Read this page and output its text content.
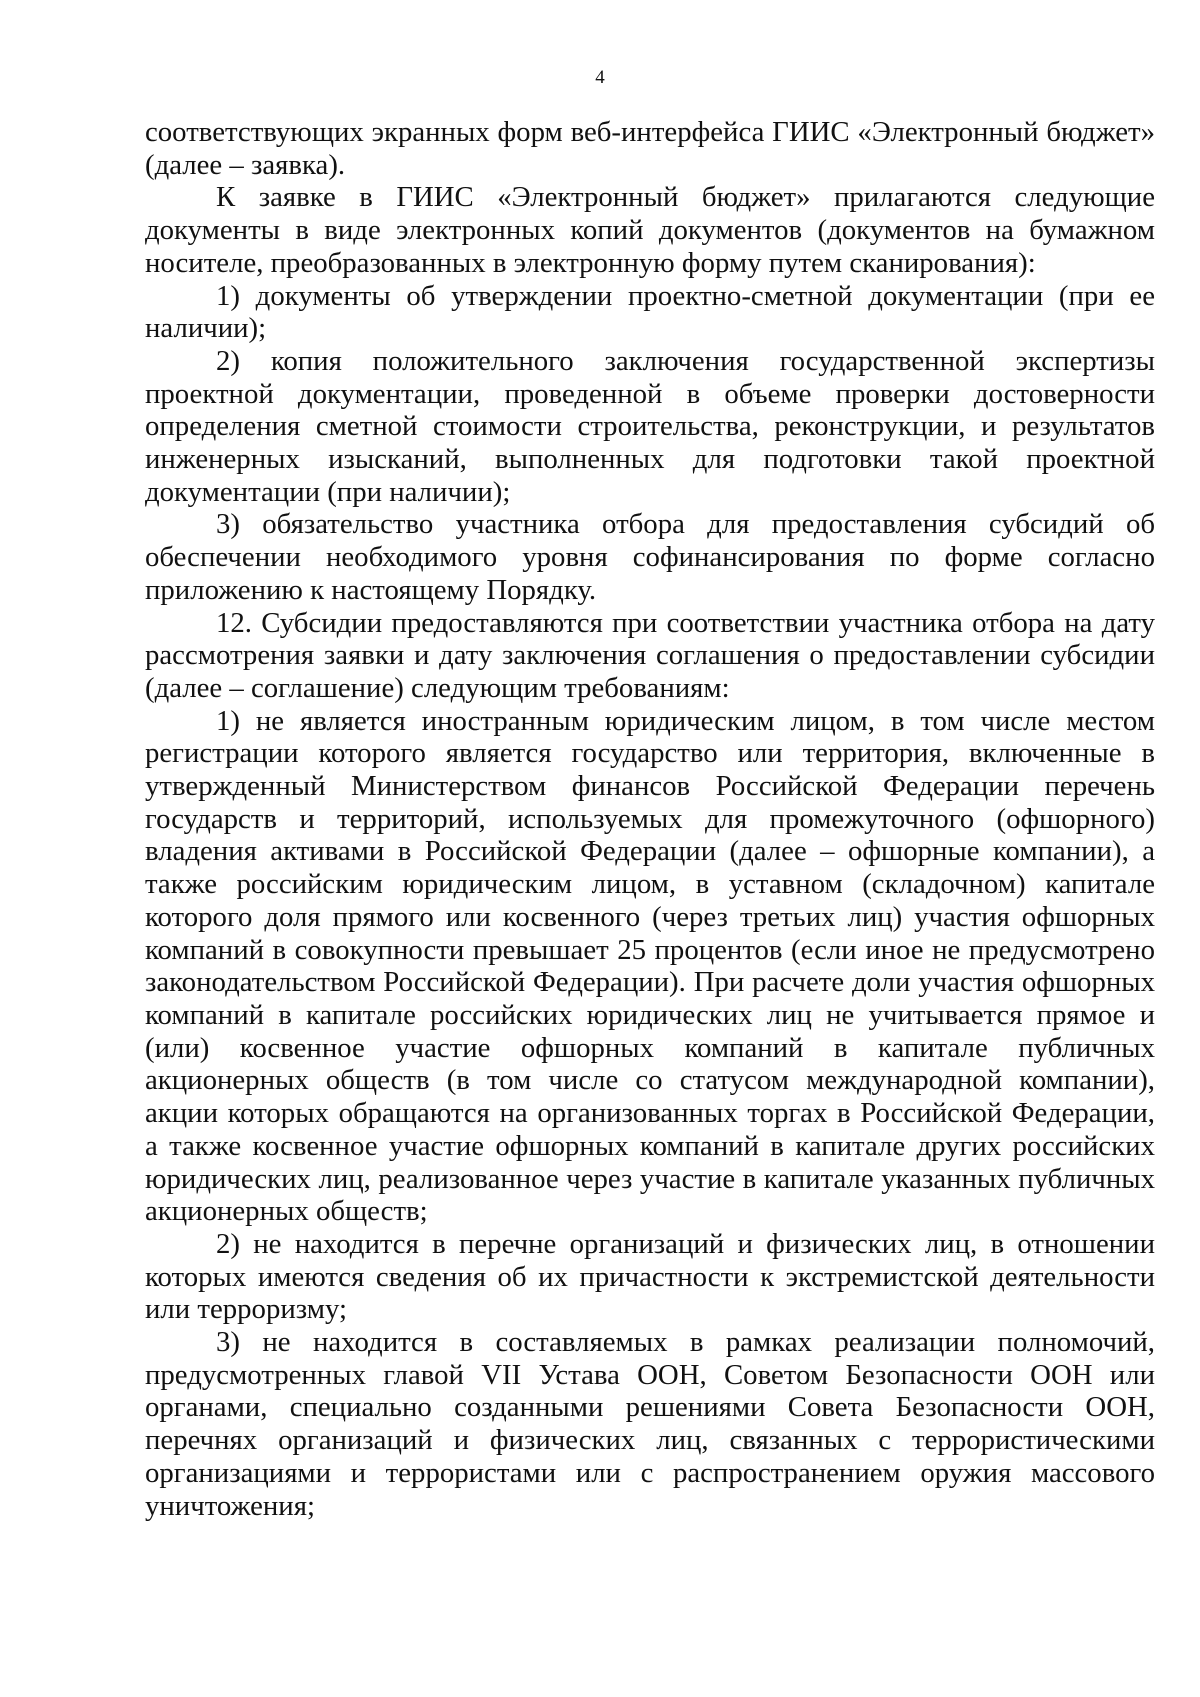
4

соответствующих экранных форм веб-интерфейса ГИИС «Электронный бюджет» (далее – заявка).

К заявке в ГИИС «Электронный бюджет» прилагаются следующие документы в виде электронных копий документов (документов на бумажном носителе, преобразованных в электронную форму путем сканирования):

1) документы об утверждении проектно-сметной документации (при ее наличии);

2) копия положительного заключения государственной экспертизы проектной документации, проведенной в объеме проверки достоверности определения сметной стоимости строительства, реконструкции, и результатов инженерных изысканий, выполненных для подготовки такой проектной документации (при наличии);

3) обязательство участника отбора для предоставления субсидий об обеспечении необходимого уровня софинансирования по форме согласно приложению к настоящему Порядку.

12. Субсидии предоставляются при соответствии участника отбора на дату рассмотрения заявки и дату заключения соглашения о предоставлении субсидии (далее – соглашение) следующим требованиям:

1) не является иностранным юридическим лицом, в том числе местом регистрации которого является государство или территория, включенные в утвержденный Министерством финансов Российской Федерации перечень государств и территорий, используемых для промежуточного (офшорного) владения активами в Российской Федерации (далее – офшорные компании), а также российским юридическим лицом, в уставном (складочном) капитале которого доля прямого или косвенного (через третьих лиц) участия офшорных компаний в совокупности превышает 25 процентов (если иное не предусмотрено законодательством Российской Федерации). При расчете доли участия офшорных компаний в капитале российских юридических лиц не учитывается прямое и (или) косвенное участие офшорных компаний в капитале публичных акционерных обществ (в том числе со статусом международной компании), акции которых обращаются на организованных торгах в Российской Федерации, а также косвенное участие офшорных компаний в капитале других российских юридических лиц, реализованное через участие в капитале указанных публичных акционерных обществ;

2) не находится в перечне организаций и физических лиц, в отношении которых имеются сведения об их причастности к экстремистской деятельности или терроризму;

3) не находится в составляемых в рамках реализации полномочий, предусмотренных главой VII Устава ООН, Советом Безопасности ООН или органами, специально созданными решениями Совета Безопасности ООН, перечнях организаций и физических лиц, связанных с террористическими организациями и террористами или с распространением оружия массового уничтожения;
